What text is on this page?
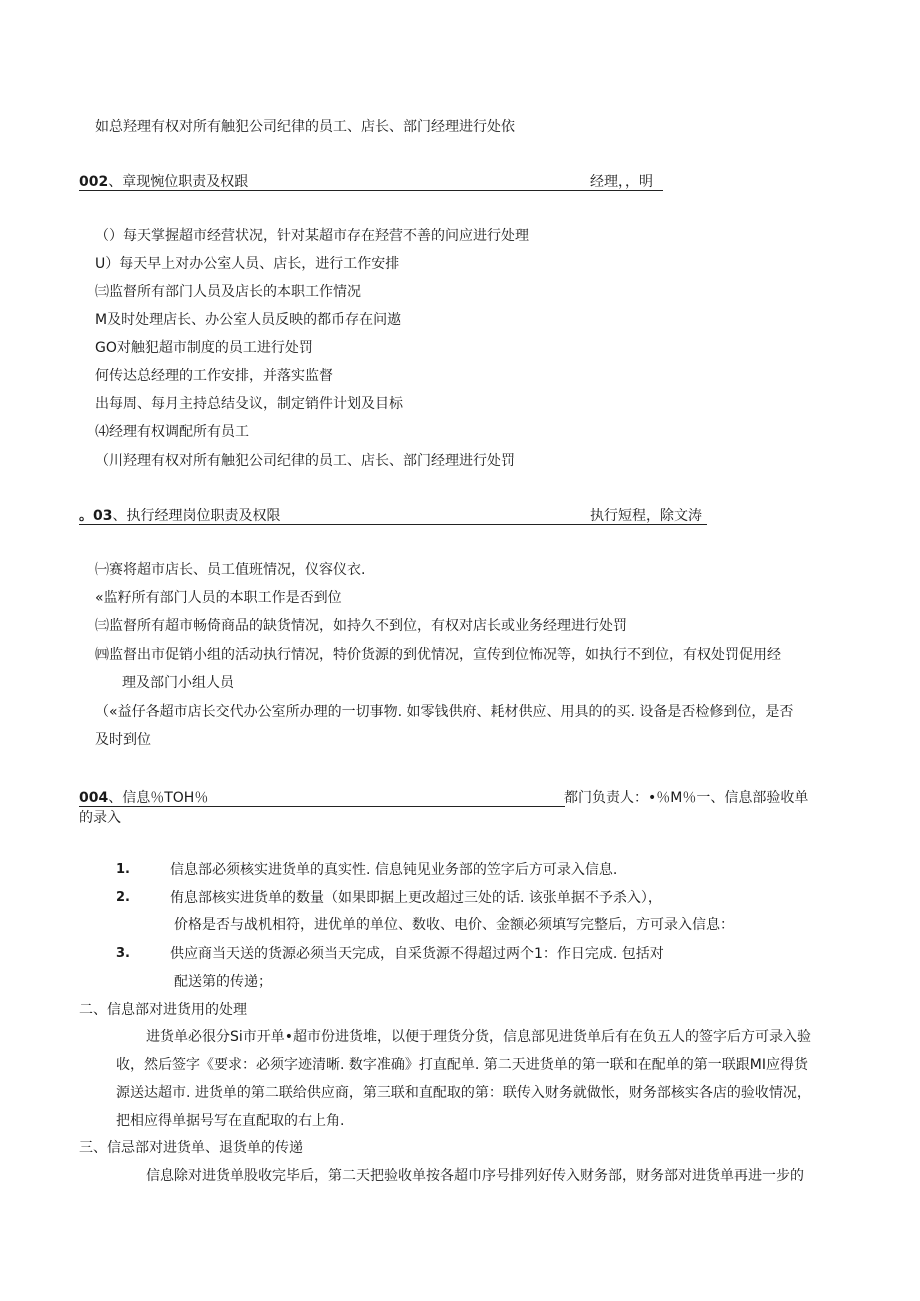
如总羟理有权对所有触犯公司纪律的员工、店长、部门经理进行处依
002、章现惋位职责及权跟	经理，，明
（）每天掌握超市经营状况，针对某超市存在羟营不善的问应进行处理
U）每天早上对办公室人员、店长，进行工作安排
㈢监督所有部门人员及店长的本职工作情况
M及时处理店长、办公室人员反映的都币存在问遨
GO对触犯超市制度的员工进行处罚
何传达总经理的工作安排，并落实监督
出每周、每月主持总结殳议，制定销件计划及目标
⑷经理有权调配所有员工
（川羟理有权对所有触犯公司纪律的员工、店长、部门经理进行处罚
。03、执行经理岗位职责及权限	执行短程，除文涛
㈠赛将超市店长、员工值班情况，仪容仪衣.
«监籽所有部门人员的本职工作是否到位
㈢监督所有超市畅倚商品的缺货情况，如持久不到位，有权对店长或业务经理进行处罚
㈣监督出市促销小组的活动执行情况，特价货源的到优情况，宣传到位怖况等，如执行不到位，有权处罚促用经
理及部门小组人员
（«益仔各超市店长交代办公室所办理的一切事物. 如零钱供府、耗材供应、用具的的买. 设备是否检修到位，是否
及时到位
004、信息％TOH％	都门负责人：•％M％一、信息部验收单
的录入
1.	信息部必须核实进货单的真实性. 信息钝见业务部的笠字后方可录入信息.
2.	侑息部核实进货单的数量（如果即据上更改超过三处的话. 该张单据不予杀入），
价格是否与战机相符，进优单的单位、数收、电价、金额必须填写完整后，方可录入信息：
3.	供应商当天送的货源必须当天完成，自采货源不得超过两个1：作日完成. 包括对
配送第的传递；
二、信息部对进货用的处理
进货单必很分Si市开单•超市份进货堆，以便于理货分货，信息部见进货单后有在负五人的签字后方可录入验
收，然后签字《要求：必须字迹清晰. 数字准确》打直配单. 第二天进货单的第一联和在配单的第一联跟MI应得货
源送达超市. 进货单的第二联给供应商，第三联和直配取的第：联传入财务就做怅，财务部核实各店的验收情况，
把相应得单据号写在直配取的右上角.
三、信忌部对进货单、退货单的传递
信息除对进货单股收完毕后，第二天把验收单按各超巾序号排列好传入财务部，财务部对进货单再进一步的
